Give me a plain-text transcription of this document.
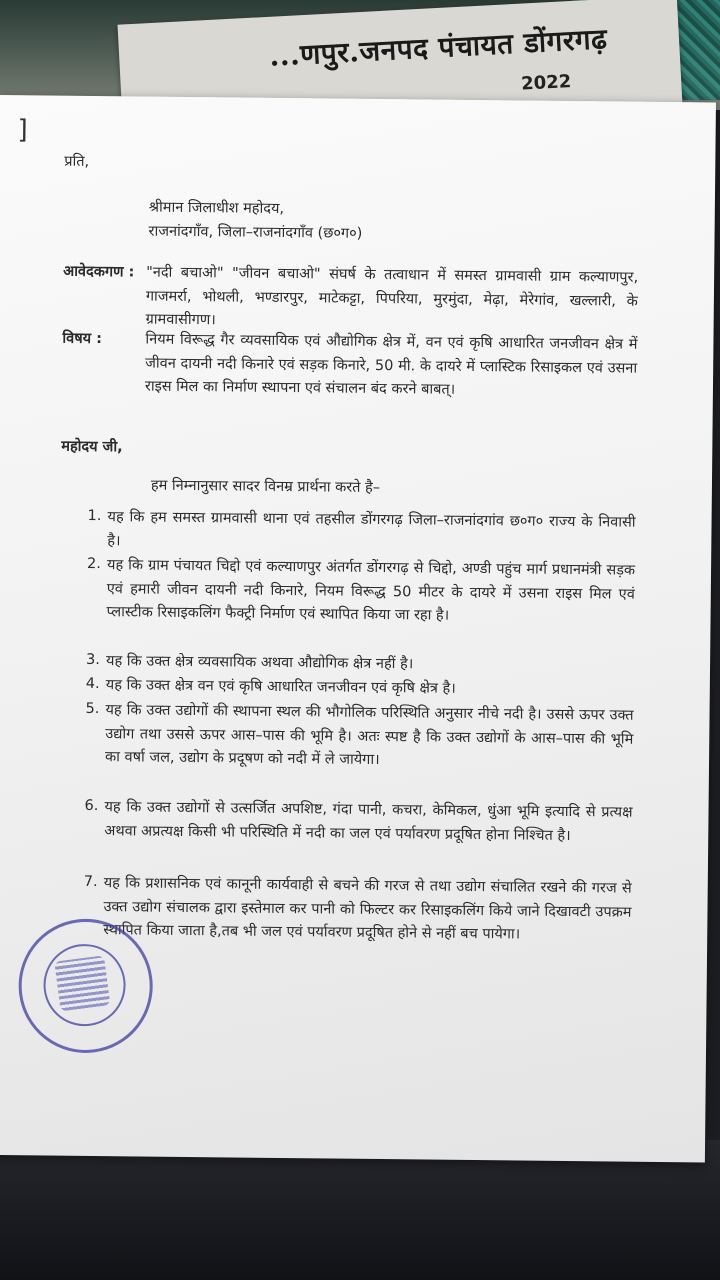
...णपुर.जनपद पंचायत डोंगरगढ़
2022
]
प्रति,
श्रीमान जिलाधीश महोदय,
राजनांदगाँव, जिला–राजनांदगाँव (छ०ग०)
आवेदकगण : "नदी बचाओ" "जीवन बचाओ" संघर्ष के तत्वाधान में समस्त ग्रामवासी ग्राम कल्याणपुर, गाजमर्रा, भोथली, भण्डारपुर, माटेकट्टा, पिपरिया, मुरमुंदा, मेढ़ा, मेरेगांव, खल्लारी, के ग्रामवासीगण।
विषय :	नियम विरूद्ध गैर व्यवसायिक एवं औद्योगिक क्षेत्र में, वन एवं कृषि आधारित जनजीवन क्षेत्र में जीवन दायनी नदी किनारे एवं सड़क किनारे, 50 मी. के दायरे में प्लास्टिक रिसाइकल एवं उसना राइस मिल का निर्माण स्थापना एवं संचालन बंद करने बाबत्।
महोदय जी,
हम निम्नानुसार सादर विनम्र प्रार्थना करते है–
1. यह कि हम समस्त ग्रामवासी थाना एवं तहसील डोंगरगढ़ जिला–राजनांदगांव छ०ग० राज्य के निवासी है।
2. यह कि ग्राम पंचायत चिद्दो एवं कल्याणपुर अंतर्गत डोंगरगढ़ से चिद्दो, अण्डी पहुंच मार्ग प्रधानमंत्री सड़क एवं हमारी जीवन दायनी नदी किनारे, नियम विरूद्ध 50 मीटर के दायरे में उसना राइस मिल एवं प्लास्टीक रिसाइकलिंग फैक्ट्री निर्माण एवं स्थापित किया जा रहा है।
3. यह कि उक्त क्षेत्र व्यवसायिक अथवा औद्योगिक क्षेत्र नहीं है।
4. यह कि उक्त क्षेत्र वन एवं कृषि आधारित जनजीवन एवं कृषि क्षेत्र है।
5. यह कि उक्त उद्योगों की स्थापना स्थल की भौगोलिक परिस्थिति अनुसार नीचे नदी है। उससे ऊपर उक्त उद्योग तथा उससे ऊपर आस–पास की भूमि है। अतः स्पष्ट है कि उक्त उद्योगों के आस–पास की भूमि का वर्षा जल, उद्योग के प्रदूषण को नदी में ले जायेगा।
6. यह कि उक्त उद्योगों से उत्सर्जित अपशिष्ट, गंदा पानी, कचरा, केमिकल, धुंआ भूमि इत्यादि से प्रत्यक्ष अथवा अप्रत्यक्ष किसी भी परिस्थिति में नदी का जल एवं पर्यावरण प्रदूषित होना निश्चित है।
7. यह कि प्रशासनिक एवं कानूनी कार्यवाही से बचने की गरज से तथा उद्योग संचालित रखने की गरज से उक्त उद्योग संचालक द्वारा इस्तेमाल कर पानी को फिल्टर कर रिसाइकलिंग किये जाने दिखावटी उपक्रम स्थापित किया जाता है,तब भी जल एवं पर्यावरण प्रदूषित होने से नहीं बच पायेगा।
